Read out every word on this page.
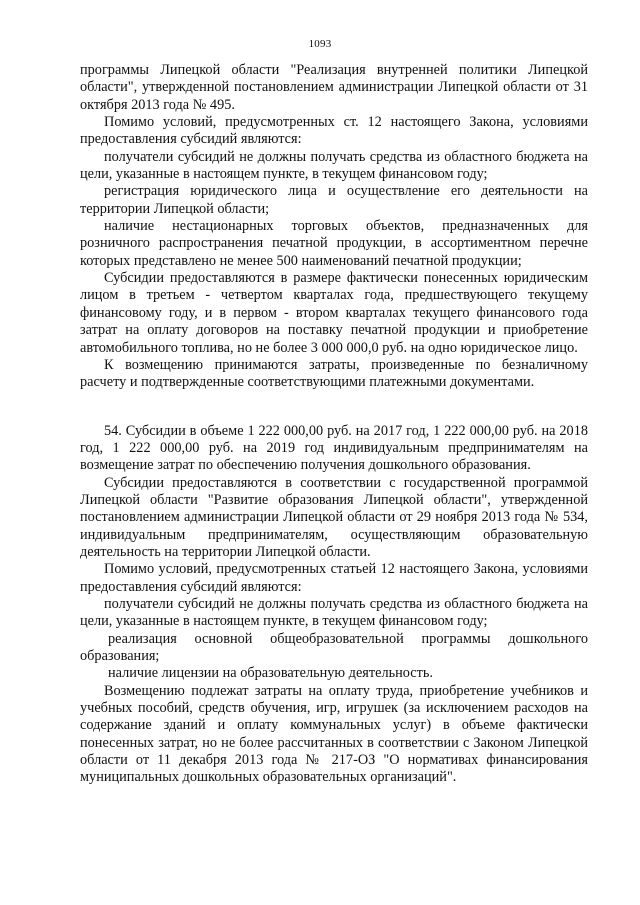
1093

программы Липецкой области "Реализация внутренней политики Липецкой области", утвержденной постановлением администрации Липецкой области от 31 октября 2013 года № 495.

Помимо условий, предусмотренных ст. 12 настоящего Закона, условиями предоставления субсидий являются:

получатели субсидий не должны получать средства из областного бюджета на цели, указанные в настоящем пункте, в текущем финансовом году;

регистрация юридического лица и осуществление его деятельности на территории Липецкой области;

наличие нестационарных торговых объектов, предназначенных для розничного распространения печатной продукции, в ассортиментном перечне которых представлено не менее 500 наименований печатной продукции;

Субсидии предоставляются в размере фактически понесенных юридическим лицом в третьем - четвертом кварталах года, предшествующего текущему финансовому году, и в первом - втором кварталах текущего финансового года затрат на оплату договоров на поставку печатной продукции и приобретение автомобильного топлива, но не более 3 000 000,0 руб. на одно юридическое лицо.

К возмещению принимаются затраты, произведенные по безналичному расчету и подтвержденные соответствующими платежными документами.

54. Субсидии в объеме 1 222 000,00 руб. на 2017 год, 1 222 000,00 руб. на 2018 год, 1 222 000,00 руб. на 2019 год индивидуальным предпринимателям на возмещение затрат по обеспечению получения дошкольного образования.

Субсидии предоставляются в соответствии с государственной программой Липецкой области "Развитие образования Липецкой области", утвержденной постановлением администрации Липецкой области от 29 ноября 2013 года № 534, индивидуальным предпринимателям, осуществляющим образовательную деятельность на территории Липецкой области.

Помимо условий, предусмотренных статьей 12 настоящего Закона, условиями предоставления субсидий являются:

получатели субсидий не должны получать средства из областного бюджета на цели, указанные в настоящем пункте, в текущем финансовом году;

реализация основной общеобразовательной программы дошкольного образования;

наличие лицензии на образовательную деятельность.

Возмещению подлежат затраты на оплату труда, приобретение учебников и учебных пособий, средств обучения, игр, игрушек (за исключением расходов на содержание зданий и оплату коммунальных услуг) в объеме фактически понесенных затрат, но не более рассчитанных в соответствии с Законом Липецкой области от 11 декабря 2013 года № 217-ОЗ "О нормативах финансирования муниципальных дошкольных образовательных организаций".
